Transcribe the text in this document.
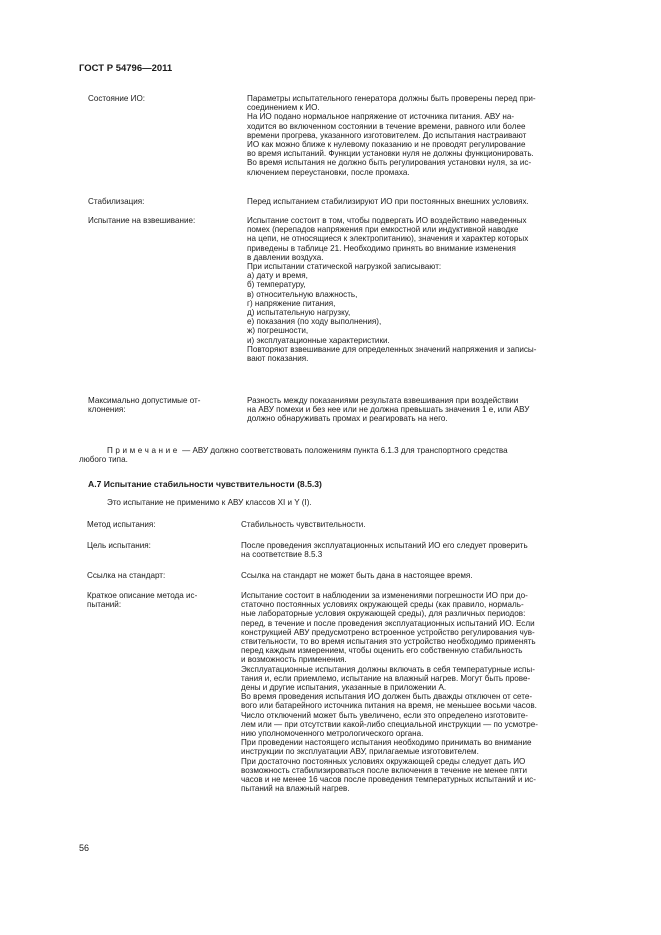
ГОСТ Р 54796—2011
Состояние ИО:	Параметры испытательного генератора должны быть проверены перед при-
соединением к ИО.
На ИО подано нормальное напряжение от источника питания. АВУ на-
ходится во включенном состоянии в течение времени, равного или более
времени прогрева, указанного изготовителем. До испытания настраивают
ИО как можно ближе к нулевому показанию и не проводят регулирование
во время испытаний. Функции установки нуля не должны функционировать.
Во время испытания не должно быть регулирования установки нуля, за ис-
ключением переустановки, после промаха.
Стабилизация:	Перед испытанием стабилизируют ИО при постоянных внешних условиях.
Испытание на взвешивание:	Испытание состоит в том, чтобы подвергать ИО воздействию наведенных
помех (перепадов напряжения при емкостной или индуктивной наводке
на цепи, не относящиеся к электропитанию), значения и характер которых
приведены в таблице 21. Необходимо принять во внимание изменения
в давлении воздуха.
При испытании статической нагрузкой записывают:
а) дату и время,
б) температуру,
в) относительную влажность,
г) напряжение питания,
д) испытательную нагрузку,
е) показания (по ходу выполнения),
ж) погрешности,
и) эксплуатационные характеристики.
Повторяют взвешивание для определенных значений напряжения и записы-
вают показания.
Максимально допустимые от-
клонения:
Разность между показаниями результата взвешивания при воздействии
на АВУ помехи и без нее или не должна превышать значения 1 е, или АВУ
должно обнаруживать промах и реагировать на него.
Примечание — АВУ должно соответствовать положениям пункта 6.1.3 для транспортного средства
любого типа.
А.7 Испытание стабильности чувствительности (8.5.3)
Это испытание не применимо к АВУ классов XI и Y (I).
Метод испытания:	Стабильность чувствительности.
Цель испытания:	После проведения эксплуатационных испытаний ИО его следует проверить
на соответствие 8.5.3
Ссылка на стандарт:	Ссылка на стандарт не может быть дана в настоящее время.
Краткое описание метода ис-
пытаний:
Испытание состоит в наблюдении за изменениями погрешности ИО при до-
статочно постоянных условиях окружающей среды (как правило, нормаль-
ные лабораторные условия окружающей среды), для различных периодов:
перед, в течение и после проведения эксплуатационных испытаний ИО. Если
конструкцией АВУ предусмотрено встроенное устройство регулирования чув-
ствительности, то во время испытания это устройство необходимо применять
перед каждым измерением, чтобы оценить его собственную стабильность
и возможность применения.
Эксплуатационные испытания должны включать в себя температурные испы-
тания и, если приемлемо, испытание на влажный нагрев. Могут быть прове-
дены и другие испытания, указанные в приложении А.
Во время проведения испытания ИО должен быть дважды отключен от сете-
вого или батарейного источника питания на время, не меньшее восьми часов.
Число отключений может быть увеличено, если это определено изготовите-
лем или — при отсутствии какой-либо специальной инструкции — по усмотре-
нию уполномоченного метрологического органа.
При проведении настоящего испытания необходимо принимать во внимание
инструкции по эксплуатации АВУ, прилагаемые изготовителем.
При достаточно постоянных условиях окружающей среды следует дать ИО
возможность стабилизироваться после включения в течение не менее пяти
часов и не менее 16 часов после проведения температурных испытаний и ис-
пытаний на влажный нагрев.
56
